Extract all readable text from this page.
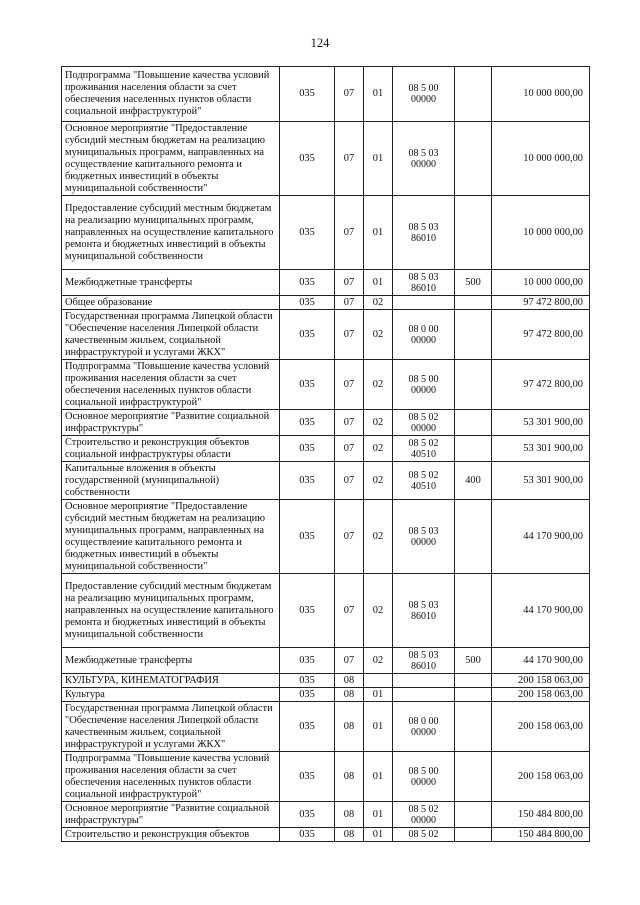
124
Подпрограмма "Повышение качества условий проживания населения области за счет обеспечения населенных пунктов области социальной инфраструктурой"	035	07	01	08 5 00 00000		10 000 000,00
Основное мероприятие "Предоставление субсидий местным бюджетам на реализацию муниципальных программ, направленных на осуществление капитального ремонта и бюджетных инвестиций в объекты муниципальной собственности"	035	07	01	08 5 03 00000		10 000 000,00
Предоставление субсидий местным бюджетам на реализацию муниципальных программ, направленных на осуществление капитального ремонта и бюджетных инвестиций в объекты муниципальной собственности	035	07	01	08 5 03 86010		10 000 000,00
Межбюджетные трансферты	035	07	01	08 5 03 86010	500	10 000 000,00
Общее образование	035	07	02			97 472 800,00
Государственная программа Липецкой области "Обеспечение населения Липецкой области качественным жильем, социальной инфраструктурой и услугами ЖКХ"	035	07	02	08 0 00 00000		97 472 800,00
Подпрограмма "Повышение качества условий проживания населения области за счет обеспечения населенных пунктов области социальной инфраструктурой"	035	07	02	08 5 00 00000		97 472 800,00
Основное мероприятие "Развитие социальной инфраструктуры"	035	07	02	08 5 02 00000		53 301 900,00
Строительство и реконструкция объектов социальной инфраструктуры области	035	07	02	08 5 02 40510		53 301 900,00
Капитальные вложения в объекты государственной (муниципальной) собственности	035	07	02	08 5 02 40510	400	53 301 900,00
Основное мероприятие "Предоставление субсидий местным бюджетам на реализацию муниципальных программ, направленных на осуществление капитального ремонта и бюджетных инвестиций в объекты муниципальной собственности"	035	07	02	08 5 03 00000		44 170 900,00
Предоставление субсидий местным бюджетам на реализацию муниципальных программ, направленных на осуществление капитального ремонта и бюджетных инвестиций в объекты муниципальной собственности	035	07	02	08 5 03 86010		44 170 900,00
Межбюджетные трансферты	035	07	02	08 5 03 86010	500	44 170 900,00
КУЛЬТУРА, КИНЕМАТОГРАФИЯ	035	08				200 158 063,00
Культура	035	08	01			200 158 063,00
Государственная программа Липецкой области "Обеспечение населения Липецкой области качественным жильем, социальной инфраструктурой и услугами ЖКХ"	035	08	01	08 0 00 00000		200 158 063,00
Подпрограмма "Повышение качества условий проживания населения области за счет обеспечения населенных пунктов области социальной инфраструктурой"	035	08	01	08 5 00 00000		200 158 063,00
Основное мероприятие "Развитие социальной инфраструктуры"	035	08	01	08 5 02 00000		150 484 800,00
Строительство и реконструкция объектов	035	08	01	08 5 02		150 484 800,00
